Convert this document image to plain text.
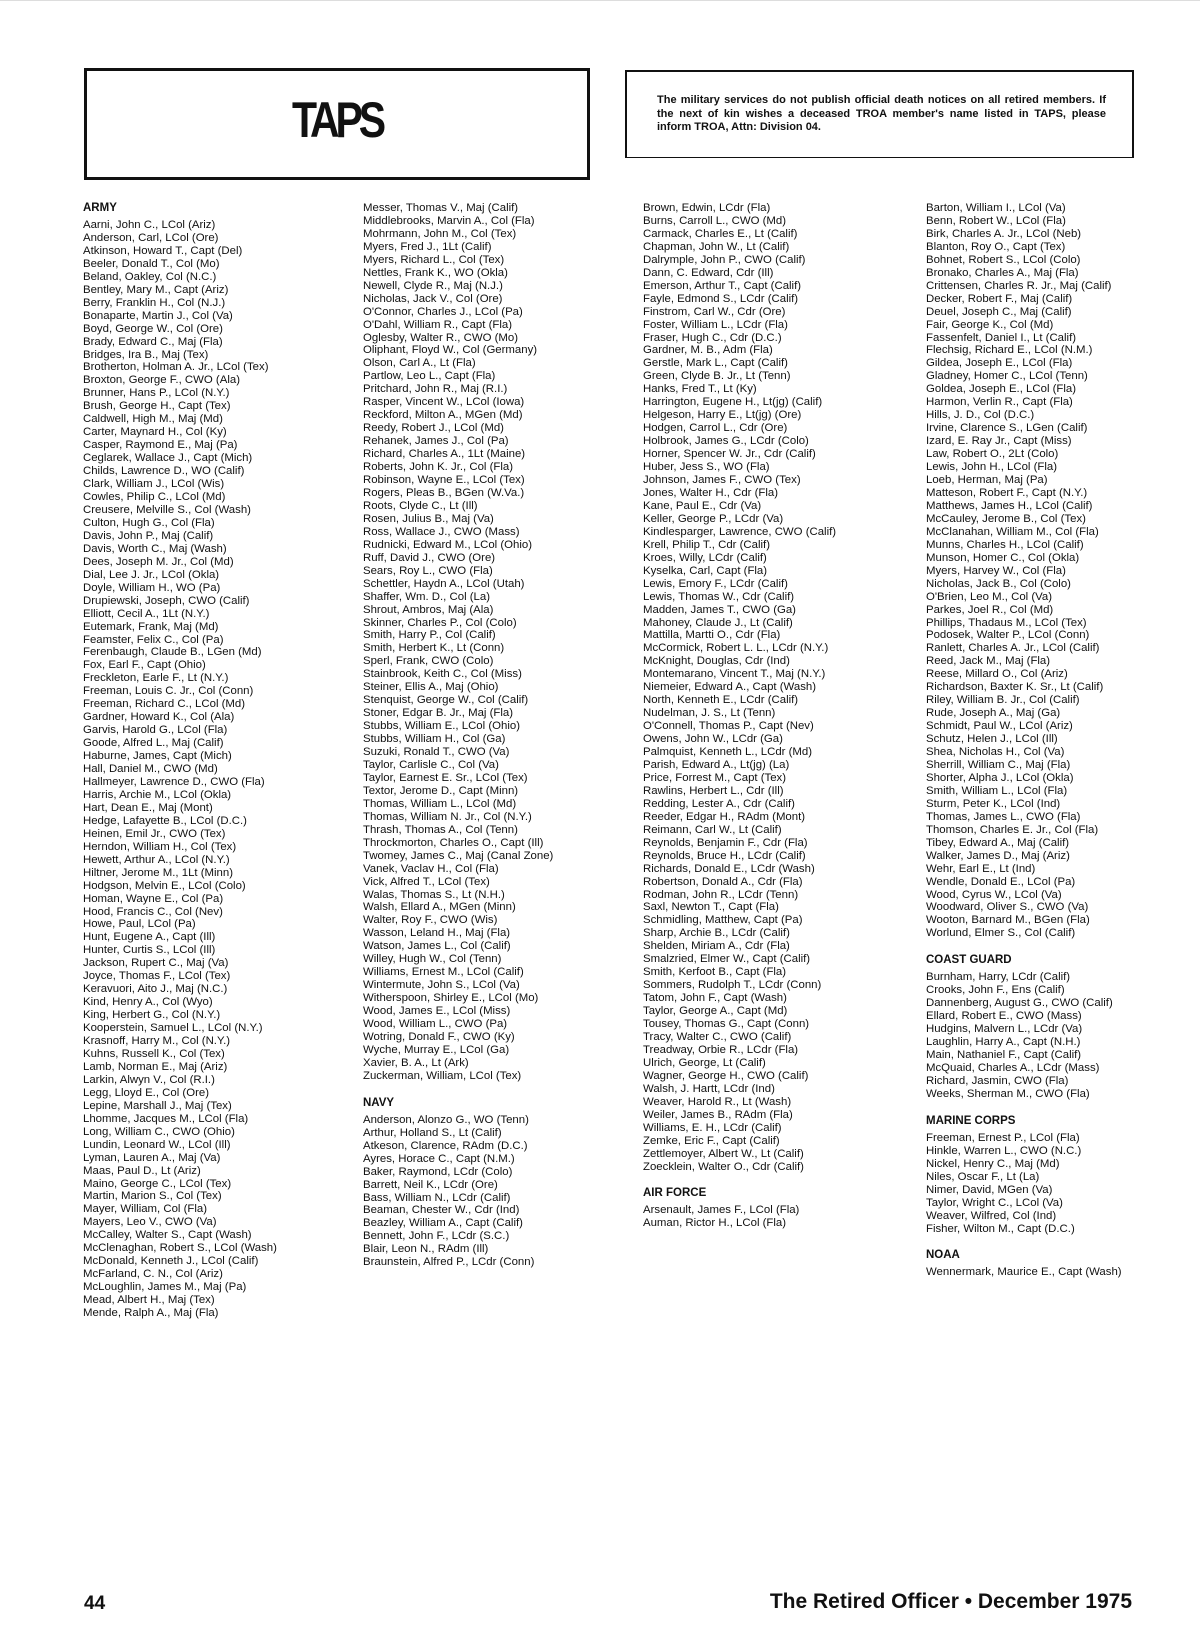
TAPS	The military services do not publish official death notices on all retired members. If the next of kin wishes a deceased TROA member's name listed in TAPS, please inform TROA, Attn: Division 04.
ARMY
Aarni, John C., LCol (Ariz)
Anderson, Carl, LCol (Ore)
Atkinson, Howard T., Capt (Del)
Beeler, Donald T., Col (Mo)
Beland, Oakley, Col (N.C.)
Bentley, Mary M., Capt (Ariz)
Berry, Franklin H., Col (N.J.)
Bonaparte, Martin J., Col (Va)
Boyd, George W., Col (Ore)
Brady, Edward C., Maj (Fla)
Bridges, Ira B., Maj (Tex)
Brotherton, Holman A. Jr., LCol (Tex)
Broxton, George F., CWO (Ala)
Brunner, Hans P., LCol (N.Y.)
Brush, George H., Capt (Tex)
Caldwell, High M., Maj (Md)
Carter, Maynard H., Col (Ky)
Casper, Raymond E., Maj (Pa)
Ceglarek, Wallace J., Capt (Mich)
Childs, Lawrence D., WO (Calif)
Clark, William J., LCol (Wis)
Cowles, Philip C., LCol (Md)
Creusere, Melville S., Col (Wash)
Culton, Hugh G., Col (Fla)
Davis, John P., Maj (Calif)
Davis, Worth C., Maj (Wash)
Dees, Joseph M. Jr., Col (Md)
Dial, Lee J. Jr., LCol (Okla)
Doyle, William H., WO (Pa)
Drupiewski, Joseph, CWO (Calif)
Elliott, Cecil A., 1Lt (N.Y.)
Eutemark, Frank, Maj (Md)
Feamster, Felix C., Col (Pa)
Ferenbaugh, Claude B., LGen (Md)
Fox, Earl F., Capt (Ohio)
Freckleton, Earle F., Lt (N.Y.)
Freeman, Louis C. Jr., Col (Conn)
Freeman, Richard C., LCol (Md)
Gardner, Howard K., Col (Ala)
Garvis, Harold G., LCol (Fla)
Goode, Alfred L., Maj (Calif)
Haburne, James, Capt (Mich)
Hall, Daniel M., CWO (Md)
Hallmeyer, Lawrence D., CWO (Fla)
Harris, Archie M., LCol (Okla)
Hart, Dean E., Maj (Mont)
Hedge, Lafayette B., LCol (D.C.)
Heinen, Emil Jr., CWO (Tex)
Herndon, William H., Col (Tex)
Hewett, Arthur A., LCol (N.Y.)
Hiltner, Jerome M., 1Lt (Minn)
Hodgson, Melvin E., LCol (Colo)
Homan, Wayne E., Col (Pa)
Hood, Francis C., Col (Nev)
Howe, Paul, LCol (Pa)
Hunt, Eugene A., Capt (Ill)
Hunter, Curtis S., LCol (Ill)
Jackson, Rupert C., Maj (Va)
Joyce, Thomas F., LCol (Tex)
Keravuori, Aito J., Maj (N.C.)
Kind, Henry A., Col (Wyo)
King, Herbert G., Col (N.Y.)
Kooperstein, Samuel L., LCol (N.Y.)
Krasnoff, Harry M., Col (N.Y.)
Kuhns, Russell K., Col (Tex)
Lamb, Norman E., Maj (Ariz)
Larkin, Alwyn V., Col (R.I.)
Legg, Lloyd E., Col (Ore)
Lepine, Marshall J., Maj (Tex)
Lhomme, Jacques M., LCol (Fla)
Long, William C., CWO (Ohio)
Lundin, Leonard W., LCol (Ill)
Lyman, Lauren A., Maj (Va)
Maas, Paul D., Lt (Ariz)
Maino, George C., LCol (Tex)
Martin, Marion S., Col (Tex)
Mayer, William, Col (Fla)
Mayers, Leo V., CWO (Va)
McCalley, Walter S., Capt (Wash)
McClenaghan, Robert S., LCol (Wash)
McDonald, Kenneth J., LCol (Calif)
McFarland, C. N., Col (Ariz)
McLoughlin, James M., Maj (Pa)
Mead, Albert H., Maj (Tex)
Mende, Ralph A., Maj (Fla)
Messer, Thomas V., Maj (Calif)
Middlebrooks, Marvin A., Col (Fla)
Mohrmann, John M., Col (Tex)
Myers, Fred J., 1Lt (Calif)
Myers, Richard L., Col (Tex)
Nettles, Frank K., WO (Okla)
Newell, Clyde R., Maj (N.J.)
Nicholas, Jack V., Col (Ore)
O'Connor, Charles J., LCol (Pa)
O'Dahl, William R., Capt (Fla)
Oglesby, Walter R., CWO (Mo)
Oliphant, Floyd W., Col (Germany)
Olson, Carl A., Lt (Fla)
Partlow, Leo L., Capt (Fla)
Pritchard, John R., Maj (R.I.)
Rasper, Vincent W., LCol (Iowa)
Reckford, Milton A., MGen (Md)
Reedy, Robert J., LCol (Md)
Rehanek, James J., Col (Pa)
Richard, Charles A., 1Lt (Maine)
Roberts, John K. Jr., Col (Fla)
Robinson, Wayne E., LCol (Tex)
Rogers, Pleas B., BGen (W.Va.)
Roots, Clyde C., Lt (Ill)
Rosen, Julius B., Maj (Va)
Ross, Wallace J., CWO (Mass)
Rudnicki, Edward M., LCol (Ohio)
Ruff, David J., CWO (Ore)
Sears, Roy L., CWO (Fla)
Schettler, Haydn A., LCol (Utah)
Shaffer, Wm. D., Col (La)
Shrout, Ambros, Maj (Ala)
Skinner, Charles P., Col (Colo)
Smith, Harry P., Col (Calif)
Smith, Herbert K., Lt (Conn)
Sperl, Frank, CWO (Colo)
Stainbrook, Keith C., Col (Miss)
Steiner, Ellis A., Maj (Ohio)
Stenquist, George W., Col (Calif)
Stoner, Edgar B. Jr., Maj (Fla)
Stubbs, William E., LCol (Ohio)
Stubbs, William H., Col (Ga)
Suzuki, Ronald T., CWO (Va)
Taylor, Carlisle C., Col (Va)
Taylor, Earnest E. Sr., LCol (Tex)
Textor, Jerome D., Capt (Minn)
Thomas, William L., LCol (Md)
Thomas, William N. Jr., Col (N.Y.)
Thrash, Thomas A., Col (Tenn)
Throckmorton, Charles O., Capt (Ill)
Twomey, James C., Maj (Canal Zone)
Vanek, Vaclav H., Col (Fla)
Vick, Alfred T., LCol (Tex)
Walas, Thomas S., Lt (N.H.)
Walsh, Ellard A., MGen (Minn)
Walter, Roy F., CWO (Wis)
Wasson, Leland H., Maj (Fla)
Watson, James L., Col (Calif)
Willey, Hugh W., Col (Tenn)
Williams, Ernest M., LCol (Calif)
Wintermute, John S., LCol (Va)
Witherspoon, Shirley E., LCol (Mo)
Wood, James E., LCol (Miss)
Wood, William L., CWO (Pa)
Wotring, Donald F., CWO (Ky)
Wyche, Murray E., LCol (Ga)
Xavier, B. A., Lt (Ark)
Zuckerman, William, LCol (Tex)
NAVY
Anderson, Alonzo G., WO (Tenn)
Arthur, Holland S., Lt (Calif)
Atkeson, Clarence, RAdm (D.C.)
Ayres, Horace C., Capt (N.M.)
Baker, Raymond, LCdr (Colo)
Barrett, Neil K., LCdr (Ore)
Bass, William N., LCdr (Calif)
Beaman, Chester W., Cdr (Ind)
Beazley, William A., Capt (Calif)
Bennett, John F., LCdr (S.C.)
Blair, Leon N., RAdm (Ill)
Braunstein, Alfred P., LCdr (Conn)
Brown, Edwin, LCdr (Fla)
Burns, Carroll L., CWO (Md)
Carmack, Charles E., Lt (Calif)
Chapman, John W., Lt (Calif)
Dalrymple, John P., CWO (Calif)
Dann, C. Edward, Cdr (Ill)
Emerson, Arthur T., Capt (Calif)
Fayle, Edmond S., LCdr (Calif)
Finstrom, Carl W., Cdr (Ore)
Foster, William L., LCdr (Fla)
Fraser, Hugh C., Cdr (D.C.)
Gardner, M. B., Adm (Fla)
Gerstle, Mark L., Capt (Calif)
Green, Clyde B. Jr., Lt (Tenn)
Hanks, Fred T., Lt (Ky)
Harrington, Eugene H., Lt(jg) (Calif)
Helgeson, Harry E., Lt(jg) (Ore)
Hodgen, Carrol L., Cdr (Ore)
Holbrook, James G., LCdr (Colo)
Horner, Spencer W. Jr., Cdr (Calif)
Huber, Jess S., WO (Fla)
Johnson, James F., CWO (Tex)
Jones, Walter H., Cdr (Fla)
Kane, Paul E., Cdr (Va)
Keller, George P., LCdr (Va)
Kindlesparger, Lawrence, CWO (Calif)
Krell, Philip T., Cdr (Calif)
Kroes, Willy, LCdr (Calif)
Kyselka, Carl, Capt (Fla)
Lewis, Emory F., LCdr (Calif)
Lewis, Thomas W., Cdr (Calif)
Madden, James T., CWO (Ga)
Mahoney, Claude J., Lt (Calif)
Mattilla, Martti O., Cdr (Fla)
McCormick, Robert L. L., LCdr (N.Y.)
McKnight, Douglas, Cdr (Ind)
Montemarano, Vincent T., Maj (N.Y.)
Niemeier, Edward A., Capt (Wash)
North, Kenneth E., LCdr (Calif)
Nudelman, J. S., Lt (Tenn)
O'Connell, Thomas P., Capt (Nev)
Owens, John W., LCdr (Ga)
Palmquist, Kenneth L., LCdr (Md)
Parish, Edward A., Lt(jg) (La)
Price, Forrest M., Capt (Tex)
Rawlins, Herbert L., Cdr (Ill)
Redding, Lester A., Cdr (Calif)
Reeder, Edgar H., RAdm (Mont)
Reimann, Carl W., Lt (Calif)
Reynolds, Benjamin F., Cdr (Fla)
Reynolds, Bruce H., LCdr (Calif)
Richards, Donald E., LCdr (Wash)
Robertson, Donald A., Cdr (Fla)
Rodman, John R., LCdr (Tenn)
Saxl, Newton T., Capt (Fla)
Schmidling, Matthew, Capt (Pa)
Sharp, Archie B., LCdr (Calif)
Shelden, Miriam A., Cdr (Fla)
Smalzried, Elmer W., Capt (Calif)
Smith, Kerfoot B., Capt (Fla)
Sommers, Rudolph T., LCdr (Conn)
Tatom, John F., Capt (Wash)
Taylor, George A., Capt (Md)
Tousey, Thomas G., Capt (Conn)
Tracy, Walter C., CWO (Calif)
Treadway, Orbie R., LCdr (Fla)
Ulrich, George, Lt (Calif)
Wagner, George H., CWO (Calif)
Walsh, J. Hartt, LCdr (Ind)
Weaver, Harold R., Lt (Wash)
Weiler, James B., RAdm (Fla)
Williams, E. H., LCdr (Calif)
Zemke, Eric F., Capt (Calif)
Zettlemoyer, Albert W., Lt (Calif)
Zoecklein, Walter O., Cdr (Calif)
AIR FORCE
Arsenault, James F., LCol (Fla)
Auman, Rictor H., LCol (Fla)
Barton, William I., LCol (Va)
Benn, Robert W., LCol (Fla)
Birk, Charles A. Jr., LCol (Neb)
Blanton, Roy O., Capt (Tex)
Bohnet, Robert S., LCol (Colo)
Bronako, Charles A., Maj (Fla)
Crittensen, Charles R. Jr., Maj (Calif)
Decker, Robert F., Maj (Calif)
Deuel, Joseph C., Maj (Calif)
Fair, George K., Col (Md)
Fassenfelt, Daniel I., Lt (Calif)
Flechsig, Richard E., LCol (N.M.)
Gildea, Joseph E., LCol (Fla)
Gladney, Homer C., LCol (Tenn)
Goldea, Joseph E., LCol (Fla)
Harmon, Verlin R., Capt (Fla)
Hills, J. D., Col (D.C.)
Irvine, Clarence S., LGen (Calif)
Izard, E. Ray Jr., Capt (Miss)
Law, Robert O., 2Lt (Colo)
Lewis, John H., LCol (Fla)
Loeb, Herman, Maj (Pa)
Matteson, Robert F., Capt (N.Y.)
Matthews, James H., LCol (Calif)
McCauley, Jerome B., Col (Tex)
McClanahan, William M., Col (Fla)
Munns, Charles H., LCol (Calif)
Munson, Homer C., Col (Okla)
Myers, Harvey W., Col (Fla)
Nicholas, Jack B., Col (Colo)
O'Brien, Leo M., Col (Va)
Parkes, Joel R., Col (Md)
Phillips, Thadaus M., LCol (Tex)
Podosek, Walter P., LCol (Conn)
Ranlett, Charles A. Jr., LCol (Calif)
Reed, Jack M., Maj (Fla)
Reese, Millard O., Col (Ariz)
Richardson, Baxter K. Sr., Lt (Calif)
Riley, William B. Jr., Col (Calif)
Rude, Joseph A., Maj (Ga)
Schmidt, Paul W., LCol (Ariz)
Schutz, Helen J., LCol (Ill)
Shea, Nicholas H., Col (Va)
Sherrill, William C., Maj (Fla)
Shorter, Alpha J., LCol (Okla)
Smith, William L., LCol (Fla)
Sturm, Peter K., LCol (Ind)
Thomas, James L., CWO (Fla)
Thomson, Charles E. Jr., Col (Fla)
Tibey, Edward A., Maj (Calif)
Walker, James D., Maj (Ariz)
Wehr, Earl E., Lt (Ind)
Wendle, Donald E., LCol (Pa)
Wood, Cyrus W., LCol (Va)
Woodward, Oliver S., CWO (Va)
Wooton, Barnard M., BGen (Fla)
Worlund, Elmer S., Col (Calif)
COAST GUARD
Burnham, Harry, LCdr (Calif)
Crooks, John F., Ens (Calif)
Dannenberg, August G., CWO (Calif)
Ellard, Robert E., CWO (Mass)
Hudgins, Malvern L., LCdr (Va)
Laughlin, Harry A., Capt (N.H.)
Main, Nathaniel F., Capt (Calif)
McQuaid, Charles A., LCdr (Mass)
Richard, Jasmin, CWO (Fla)
Weeks, Sherman M., CWO (Fla)
MARINE CORPS
Freeman, Ernest P., LCol (Fla)
Hinkle, Warren L., CWO (N.C.)
Nickel, Henry C., Maj (Md)
Niles, Oscar F., Lt (La)
Nimer, David, MGen (Va)
Taylor, Wright C., LCol (Va)
Weaver, Wilfred, Col (Ind)
Fisher, Wilton M., Capt (D.C.)
NOAA
Wennermark, Maurice E., Capt (Wash)
44	The Retired Officer • December 1975
